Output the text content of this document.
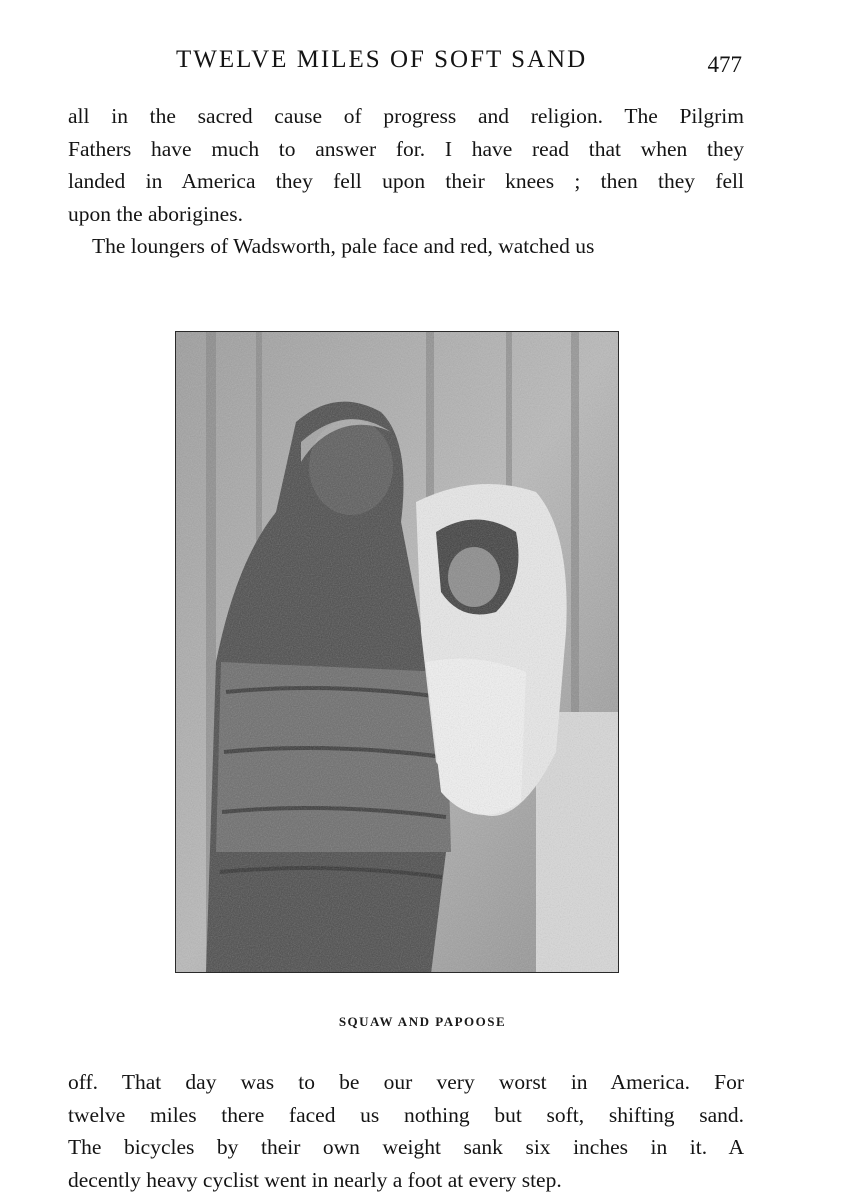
TWELVE MILES OF SOFT SAND	477
all in the sacred cause of progress and religion. The Pilgrim
Fathers have much to answer for. I have read that when they
landed in America they fell upon their knees ; then they fell
upon the aborigines.
The loungers of Wadsworth, pale face and red, watched us
SQUAW AND PAPOOSE
off. That day was to be our very worst in America. For
twelve miles there faced us nothing but soft, shifting sand.
The bicycles by their own weight sank six inches in it. A
decently heavy cyclist went in nearly a foot at every step.
